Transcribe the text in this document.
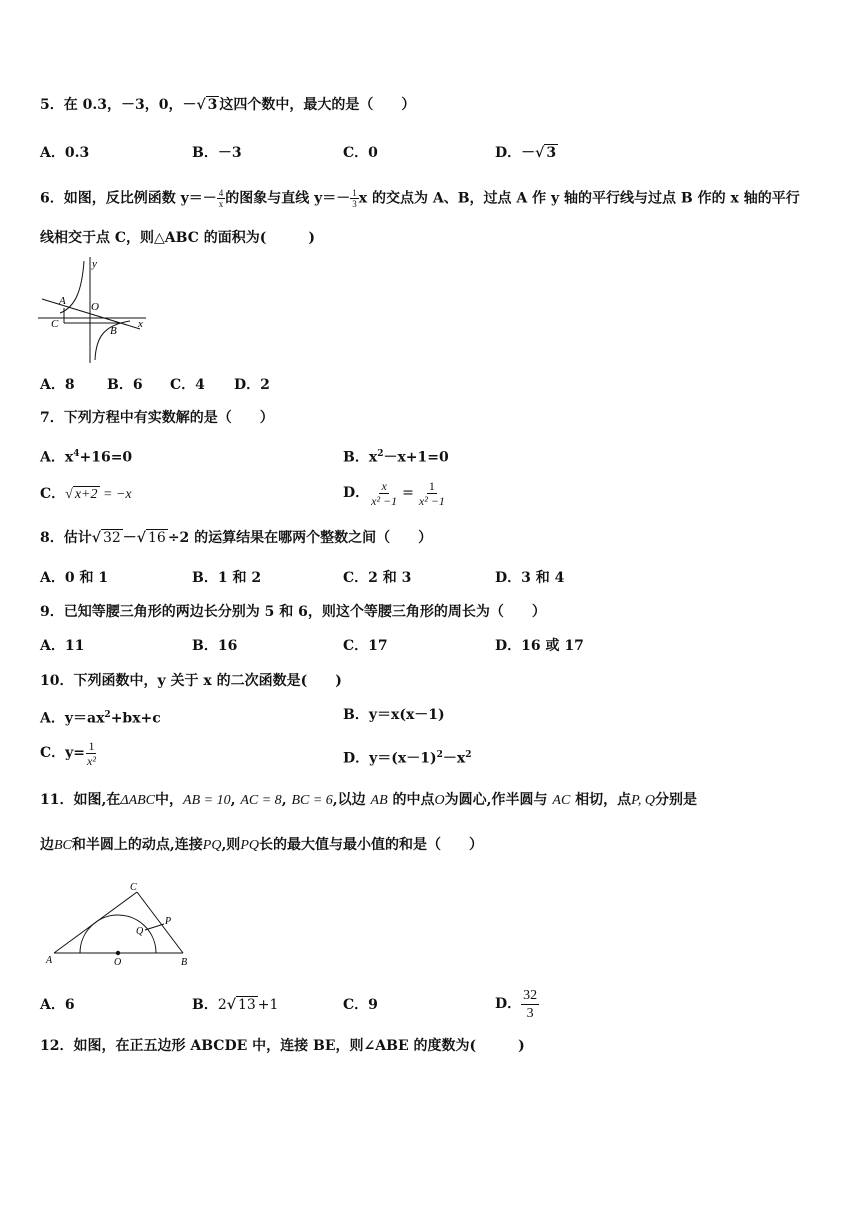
5．在 0.3，－3，0，－√ 3 这四个数中，最大的是（　　）
A．0.3	B．－3	C．0	D．－√ 3
6．如图，反比例函数 $y=- \frac{4}{x}$ 的图象与直线 $y=- \frac{1}{3}$ x 的交点为 A、B，过点 A 作 y 轴的平行线与过点 B 作的 x 轴的平行
线相交于点 C，则△ABC 的面积为(　　　)
y
x
A O
C
B
A．8 B．6 C．4 D．2
7．下列方程中有实数解的是（　　）
A．$x^4+16=0$	B．$x^2-x+1=0$
C．√ x+2 = −x	D． $\frac{x}{\text{x² −1}} = \frac{1}{\text{x² −1}}$
8．估计√ 32 －√ 16 ÷2 的运算结果在哪两个整数之间（　　）
A．0 和 1	B．1 和 2	C．2 和 3	D．3 和 4
9．已知等腰三角形的两边长分别为 5 和 6，则这个等腰三角形的周长为（　　）
A．11	B．16	C．17	D．16 或 17
10．下列函数中，y 关于 x 的二次函数是(　　)
A．$y=ax^2+bx+c$	B．y＝x(x－1)
C．$y= \frac{1}{\text{x²}}$	D．$y=(x-1)^2-x^2$
11．如图,在ΔABC中，AB = 10, AC = 8, BC = 6,以边 AB 的中点O为圆心,作半圆与 AC 相切，点P, Q分别是
边BC和半圆上的动点,连接PQ,则PQ长的最大值与最小值的和是（　　）
C
P
Q
A	O	B
A．6	B．2√ 13 +1	C．9	D． $\frac{32}{3}$
12．如图，在正五边形 ABCDE 中，连接 BE，则∠ABE 的度数为(　　　)
